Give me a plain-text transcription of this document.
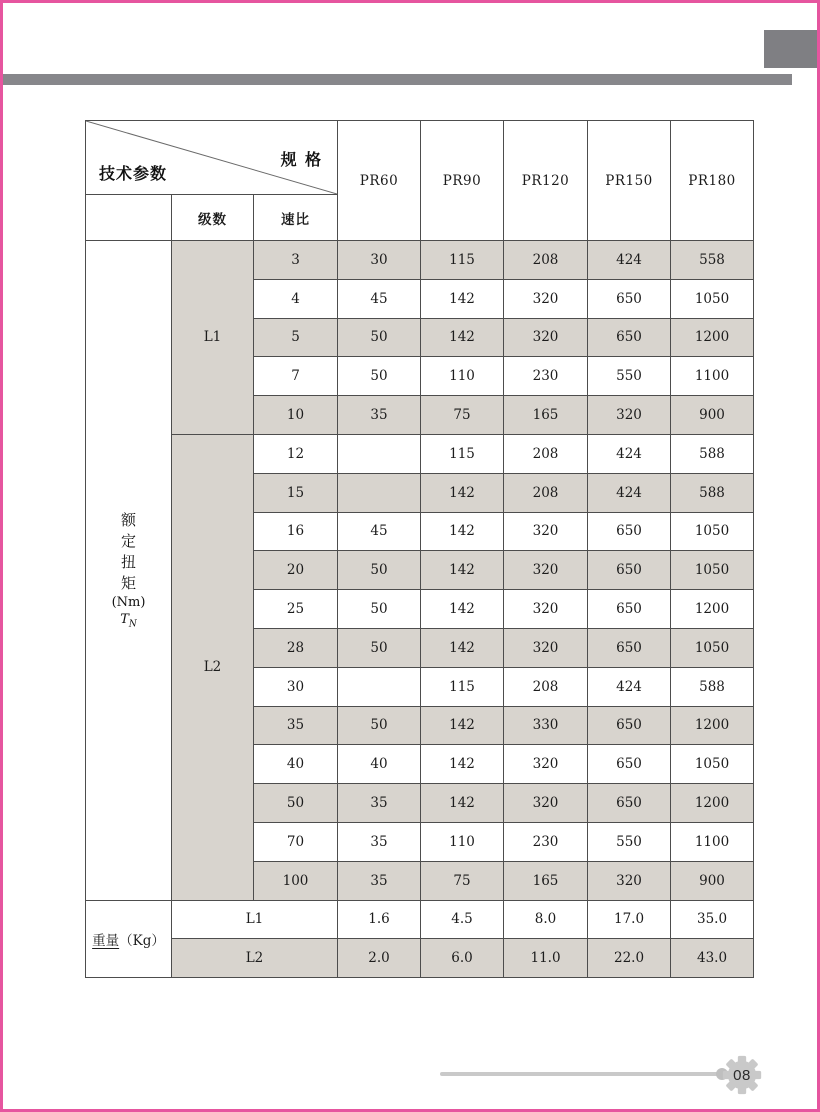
规 格
技术参数			PR60	PR90	PR120	PR150	PR180
	级数	速比					
额定扭矩
(Nm)
$T_N$	L1	3	30	115	208	424	558
		4	45	142	320	650	1050
		5	50	142	320	650	1200
		7	50	110	230	550	1100
		10	35	75	165	320	900
	L2	12		115	208	424	588
		15		142	208	424	588
		16	45	142	320	650	1050
		20	50	142	320	650	1050
		25	50	142	320	650	1200
		28	50	142	320	650	1050
		30		115	208	424	588
		35	50	142	330	650	1200
		40	40	142	320	650	1050
		50	35	142	320	650	1200
		70	35	110	230	550	1100
		100	35	75	165	320	900
重量（Kg）	L1		1.6	4.5	8.0	17.0	35.0
	L2		2.0	6.0	11.0	22.0	43.0
08
